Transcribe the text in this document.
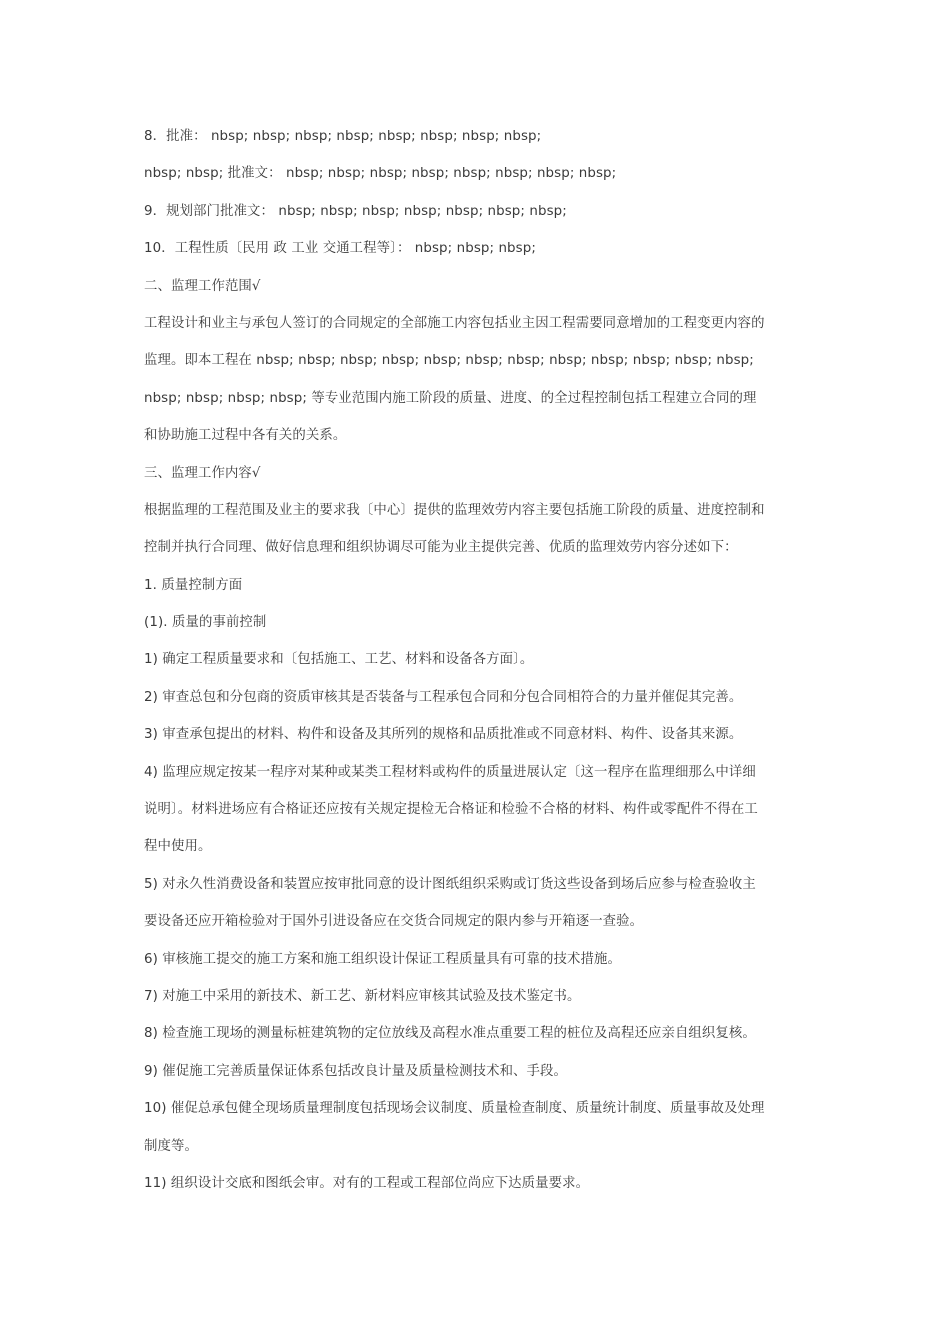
8．批准： nbsp; nbsp; nbsp; nbsp; nbsp; nbsp; nbsp; nbsp;
nbsp; nbsp; 批准文： nbsp; nbsp; nbsp; nbsp; nbsp; nbsp; nbsp; nbsp;
9．规划部门批准文： nbsp; nbsp; nbsp; nbsp; nbsp; nbsp; nbsp;
10．工程性质〔民用 政 工业 交通工程等〕： nbsp; nbsp; nbsp;
二、监理工作范围√
工程设计和业主与承包人签订的合同规定的全部施工内容包括业主因工程需要同意增加的工程变更内容的
监理。即本工程在 nbsp; nbsp; nbsp; nbsp; nbsp; nbsp; nbsp; nbsp; nbsp; nbsp; nbsp; nbsp;
nbsp; nbsp; nbsp; nbsp; 等专业范围内施工阶段的质量、进度、的全过程控制包括工程建立合同的理
和协助施工过程中各有关的关系。
三、监理工作内容√
根据监理的工程范围及业主的要求我〔中心〕提供的监理效劳内容主要包括施工阶段的质量、进度控制和
控制并执行合同理、做好信息理和组织协调尽可能为业主提供完善、优质的监理效劳内容分述如下：
1. 质量控制方面
(1). 质量的事前控制
1) 确定工程质量要求和〔包括施工、工艺、材料和设备各方面〕。
2) 审查总包和分包商的资质审核其是否装备与工程承包合同和分包合同相符合的力量并催促其完善。
3) 审查承包提出的材料、构件和设备及其所列的规格和品质批准或不同意材料、构件、设备其来源。
4) 监理应规定按某一程序对某种或某类工程材料或构件的质量进展认定〔这一程序在监理细那么中详细
说明〕。材料进场应有合格证还应按有关规定提检无合格证和检验不合格的材料、构件或零配件不得在工
程中使用。
5) 对永久性消费设备和装置应按审批同意的设计图纸组织采购或订货这些设备到场后应参与检查验收主
要设备还应开箱检验对于国外引进设备应在交货合同规定的限内参与开箱逐一查验。
6) 审核施工提交的施工方案和施工组织设计保证工程质量具有可靠的技术措施。
7) 对施工中采用的新技术、新工艺、新材料应审核其试验及技术鉴定书。
8) 检查施工现场的测量标桩建筑物的定位放线及高程水准点重要工程的桩位及高程还应亲自组织复核。
9) 催促施工完善质量保证体系包括改良计量及质量检测技术和、手段。
10) 催促总承包健全现场质量理制度包括现场会议制度、质量检查制度、质量统计制度、质量事故及处理
制度等。
11) 组织设计交底和图纸会审。对有的工程或工程部位尚应下达质量要求。
